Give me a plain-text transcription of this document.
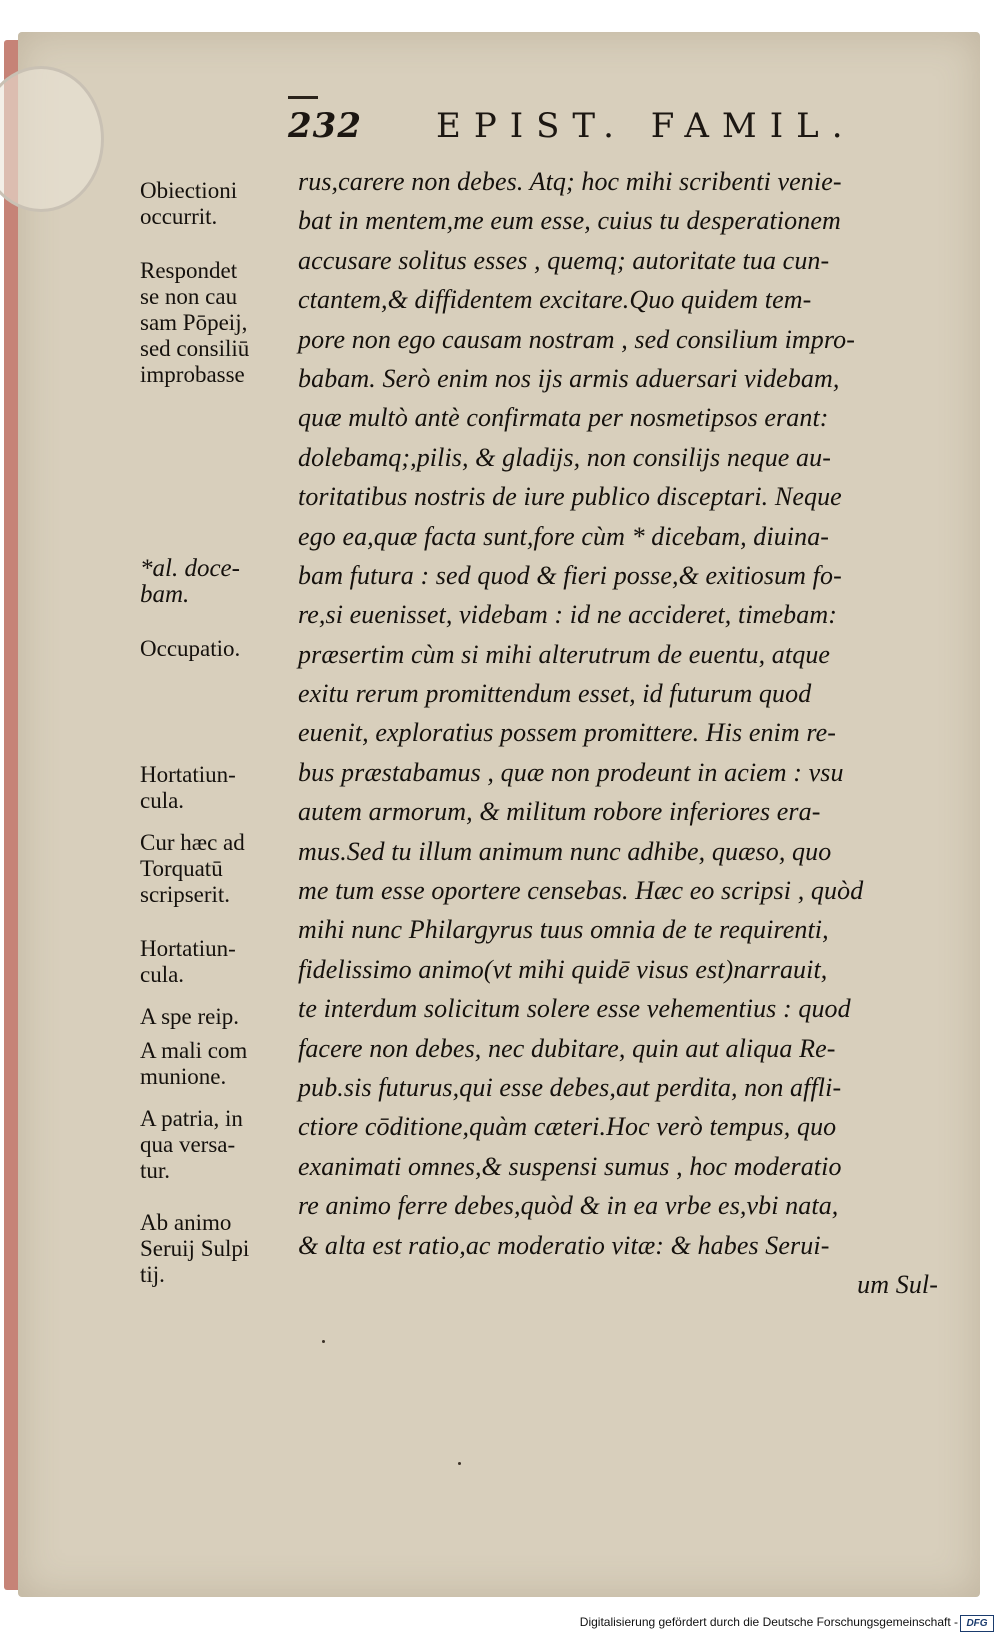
232 EPIST. FAMIL.
rus,carere non debes. Atq; hoc mihi scribenti venie-
bat in mentem,me eum esse, cuius tu desperationem
accusare solitus esses , quemq; autoritate tua cun-
ctantem,& diffidentem excitare.Quo quidem tem-
pore non ego causam nostram , sed consilium impro-
babam. Serò enim nos ijs armis aduersari videbam,
quæ multò antè confirmata per nosmetipsos erant:
dolebamq;,pilis, & gladijs, non consilijs neque au-
toritatibus nostris de iure publico disceptari. Neque
ego ea,quæ facta sunt,fore cùm * dicebam, diuina-
bam futura : sed quod & fieri posse,& exitiosum fo-
re,si euenisset, videbam : id ne accideret, timebam:
præsertim cùm si mihi alterutrum de euentu, atque
exitu rerum promittendum esset, id futurum quod
euenit, exploratius possem promittere. His enim re-
bus præstabamus , quæ non prodeunt in aciem : vsu
autem armorum, & militum robore inferiores era-
mus.Sed tu illum animum nunc adhibe, quæso, quo
me tum esse oportere censebas. Hæc eo scripsi , quòd
mihi nunc Philargyrus tuus omnia de te requirenti,
fidelissimo animo(vt mihi quidē visus est)narrauit,
te interdum solicitum solere esse vehementius : quod
facere non debes, nec dubitare, quin aut aliqua Re-
pub.sis futurus,qui esse debes,aut perdita, non affli-
ctiore cōditione,quàm cæteri.Hoc verò tempus, quo
exanimati omnes,& suspensi sumus , hoc moderatio
re animo ferre debes,quòd & in ea vrbe es,vbi nata,
& alta est ratio,ac moderatio vitæ: & habes Serui-
um Sul-
Obiectioni
occurrit.
Respondet
se non cau
sam Pōpeij,
sed consiliū
improbasse
*al. doce-
bam.
Occupatio.
Hortatiun-
cula.
Cur hæc ad
Torquatū
scripserit.
Hortatiun-
cula.
A spe reip.
A mali com
munione.
A patria, in
qua versa-
tur.
Ab animo
Seruij Sulpi
tij.
Digitalisierung gefördert durch die Deutsche Forschungsgemeinschaft - DFG
